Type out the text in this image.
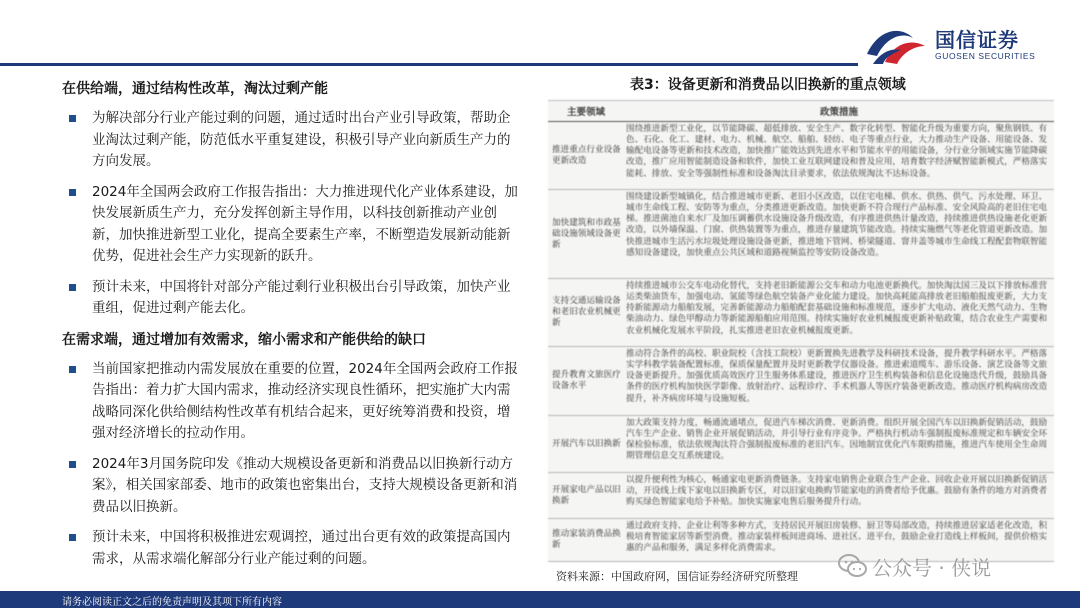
国信证券
GUOSEN SECURITIES
在供给端，通过结构性改革，淘汰过剩产能
为解决部分行业产能过剩的问题，通过适时出台产业引导政策，帮助企业淘汰过剩产能，防范低水平重复建设，积极引导产业向新质生产力的方向发展。
2024年全国两会政府工作报告指出：大力推进现代化产业体系建设，加快发展新质生产力，充分发挥创新主导作用，以科技创新推动产业创新，加快推进新型工业化，提高全要素生产率，不断塑造发展新动能新优势，促进社会生产力实现新的跃升。
预计未来，中国将针对部分产能过剩行业积极出台引导政策，加快产业重组，促进过剩产能去化。
在需求端，通过增加有效需求，缩小需求和产能供给的缺口
当前国家把推动内需发展放在重要的位置，2024年全国两会政府工作报告指出：着力扩大国内需求，推动经济实现良性循环，把实施扩大内需战略同深化供给侧结构性改革有机结合起来，更好统筹消费和投资，增强对经济增长的拉动作用。
2024年3月国务院印发《推动大规模设备更新和消费品以旧换新行动方案》，相关国家部委、地市的政策也密集出台，支持大规模设备更新和消费品以旧换新。
预计未来，中国将积极推进宏观调控，通过出台更有效的政策提高国内需求，从需求端化解部分行业产能过剩的问题。
表3：设备更新和消费品以旧换新的重点领域
主要领域	政策措施
推进重点行业设备更新改造
围绕推进新型工业化，以节能降碳、超低排放、安全生产、数字化转型、智能化升级为重要方向，聚焦钢铁、有色、石化、化工、建材、电力、机械、航空、船舶、轻纺、电子等重点行业，大力推动生产设备、用能设备、发输配电设备等更新和技术改造，加快推广能效达到先进水平和节能水平的用能设备，分行业分领域实施节能降碳改造，推广应用智能制造设备和软件，加快工业互联网建设和普及应用，培育数字经济赋智能新模式，严格落实能耗、排放、安全等强制性标准和设备淘汰目录要求，依法依规淘汰不达标设备。
加快建筑和市政基础设施领域设备更新
围绕建设新型城镇化，结合推进城市更新、老旧小区改造，以住宅电梯、供水、供热、供气、污水处理、环卫、城市生命线工程、安防等为重点，分类推进更新改造。加快更新不符合现行产品标准、安全风险高的老旧住宅电梯。推进菌池自来水厂及加压调蓄供水设施设备升级改造，有序推进供热计量改造，持续推进供热设施老化更新改造，以外墙保温、门窗、供热装置等为重点，推进存量建筑节能改造。持续实施燃气等老化管道更新改造。加快推进城市生活污水垃圾处理设施设备更新，推进地下管网、桥梁隧道、窨井盖等城市生命线工程配套物联智能感知设备建设，加快重点公共区域和道路视频监控等安防设备改造。
支持交通运输设备和老旧农业机械更新
持续推进城市公交车电动化替代，支持老旧新能源公交车和动力电池更新换代。加快淘汰国三及以下排放标准营运类柴油货车，加强电动、氢能等绿色航空装备产业化能力建设。加快高耗能高排放老旧船舶报废更新，大力支持新能源动力船舶发展，完善新能源动力船舶配套基础设施和标准规范，逐步扩大电动、液化天然气动力、生物柴油动力、绿色甲醇动力等新能源船舶应用范围。持续实施好农业机械报废更新补贴政策，结合农业生产需要和农业机械化发展水平阶段，扎实推进老旧农业机械报废更新。
提升教育文旅医疗设备水平
推动符合条件的高校、职业院校（含技工院校）更新置换先进教学及科研技术设备，提升教学科研水平。严格落实学科教学装备配置标准，保质保量配置并及时更新教学仪器设备。推进索道缆车、游乐设备、演艺设备等文旅设备更新提升。加强优质高效医疗卫生服务体系建设，推进医疗卫生机构装备和信息化设施迭代升级，鼓励具备条件的医疗机构加快医学影像、放射治疗、远程诊疗、手术机器人等医疗装备更新改造。推动医疗机构病房改造提升，补齐病房环境与设施短板。
开展汽车以旧换新
加大政策支持力度，畅通流通堵点，促进汽车梯次消费、更新消费。组织开展全国汽车以旧换新促销活动，鼓励汽车生产企业、销售企业开展促销活动，并引导行业有序竞争。严格执行机动车强制报废标准规定和车辆安全环保检验标准，依法依规淘汰符合强制报废标准的老旧汽车。因地制宜优化汽车限购措施，推进汽车使用全生命周期管理信息交互系统建设。
开展家电产品以旧换新
以提升便利性为核心，畅通家电更新消费链条。支持家电销售企业联合生产企业、回收企业开展以旧换新促销活动，开设线上线下家电以旧换新专区，对以旧家电换购节能家电的消费者给予优惠。鼓励有条件的地方对消费者购买绿色智能家电给予补贴。加快实施家电售后服务提升行动。
推动家装消费品换新
通过政府支持、企业让利等多种方式，支持居民开展旧房装修、厨卫等局部改造，持续推进居家适老化改造，积极培育智能家居等新型消费。推动家装样板间进商场、进社区、进平台，鼓励企业打造线上样板间，提供价格实惠的产品和服务，满足多样化消费需求。
资料来源：中国政府网，国信证券经济研究所整理	公众号 · 侠说
请务必阅读正文之后的免责声明及其项下所有内容
